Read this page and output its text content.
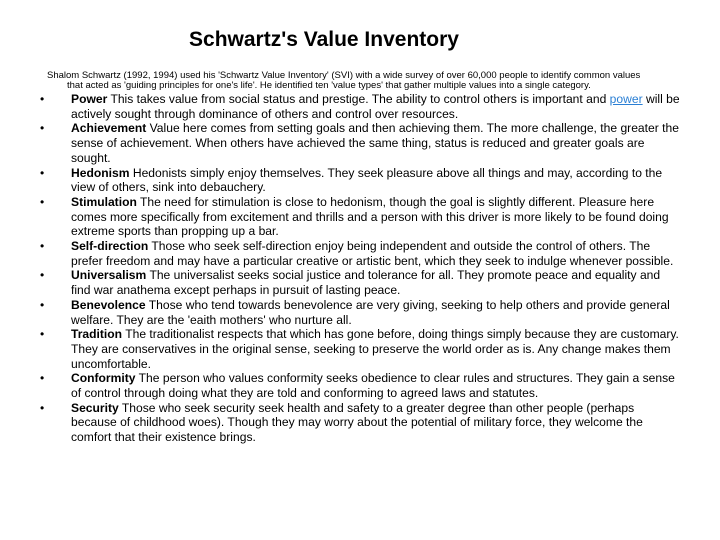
Schwartz's Value Inventory
Shalom Schwartz (1992, 1994) used his 'Schwartz Value Inventory' (SVI) with a wide survey of over 60,000 people to identify common values
that acted as 'guiding principles for one's life'. He identified ten 'value types' that gather multiple values into a single category.
• Power This takes value from social status and prestige. The ability to control others is important and power will be actively sought through dominance of others and control over resources.
• Achievement Value here comes from setting goals and then achieving them. The more challenge, the greater the sense of achievement. When others have achieved the same thing, status is reduced and greater goals are sought.
• Hedonism Hedonists simply enjoy themselves. They seek pleasure above all things and may, according to the view of others, sink into debauchery.
• Stimulation The need for stimulation is close to hedonism, though the goal is slightly different. Pleasure here comes more specifically from excitement and thrills and a person with this driver is more likely to be found doing extreme sports than propping up a bar.
• Self-direction Those who seek self-direction enjoy being independent and outside the control of others. The prefer freedom and may have a particular creative or artistic bent, which they seek to indulge whenever possible.
• Universalism The universalist seeks social justice and tolerance for all. They promote peace and equality and find war anathema except perhaps in pursuit of lasting peace.
• Benevolence Those who tend towards benevolence are very giving, seeking to help others and provide general welfare. They are the 'eaith mothers' who nurture all.
• Tradition The traditionalist respects that which has gone before, doing things simply because they are customary. They are conservatives in the original sense, seeking to preserve the world order as is. Any change makes them uncomfortable.
• Conformity The person who values conformity seeks obedience to clear rules and structures. They gain a sense of control through doing what they are told and conforming to agreed laws and statutes.
• Security Those who seek security seek health and safety to a greater degree than other people (perhaps because of childhood woes). Though they may worry about the potential of military force, they welcome the comfort that their existence brings.
